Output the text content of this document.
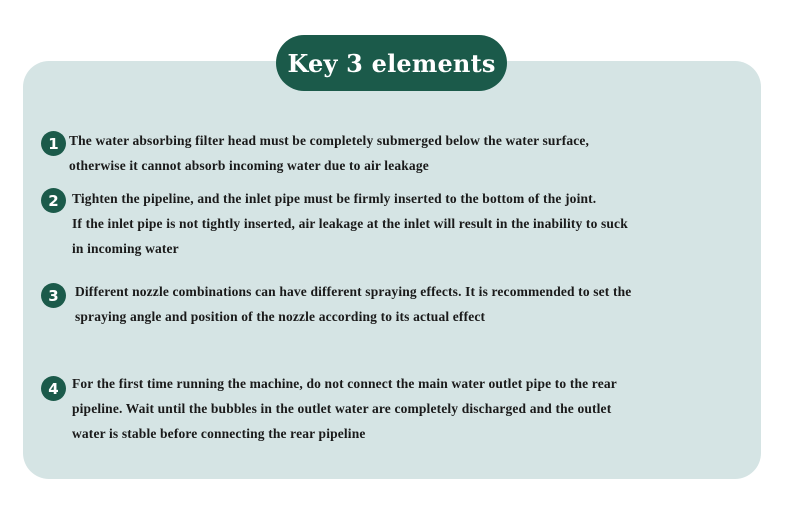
Key 3 elements
1 The water absorbing filter head must be completely submerged below the water surface,
otherwise it cannot absorb incoming water due to air leakage
2 Tighten the pipeline, and the inlet pipe must be firmly inserted to the bottom of the joint.
If the inlet pipe is not tightly inserted, air leakage at the inlet will result in the inability to suck
in incoming water
3	Different nozzle combinations can have different spraying effects. It is recommended to set the
spraying angle and position of the nozzle according to its actual effect
4 For the first time running the machine, do not connect the main water outlet pipe to the rear
pipeline. Wait until the bubbles in the outlet water are completely discharged and the outlet
water is stable before connecting the rear pipeline
